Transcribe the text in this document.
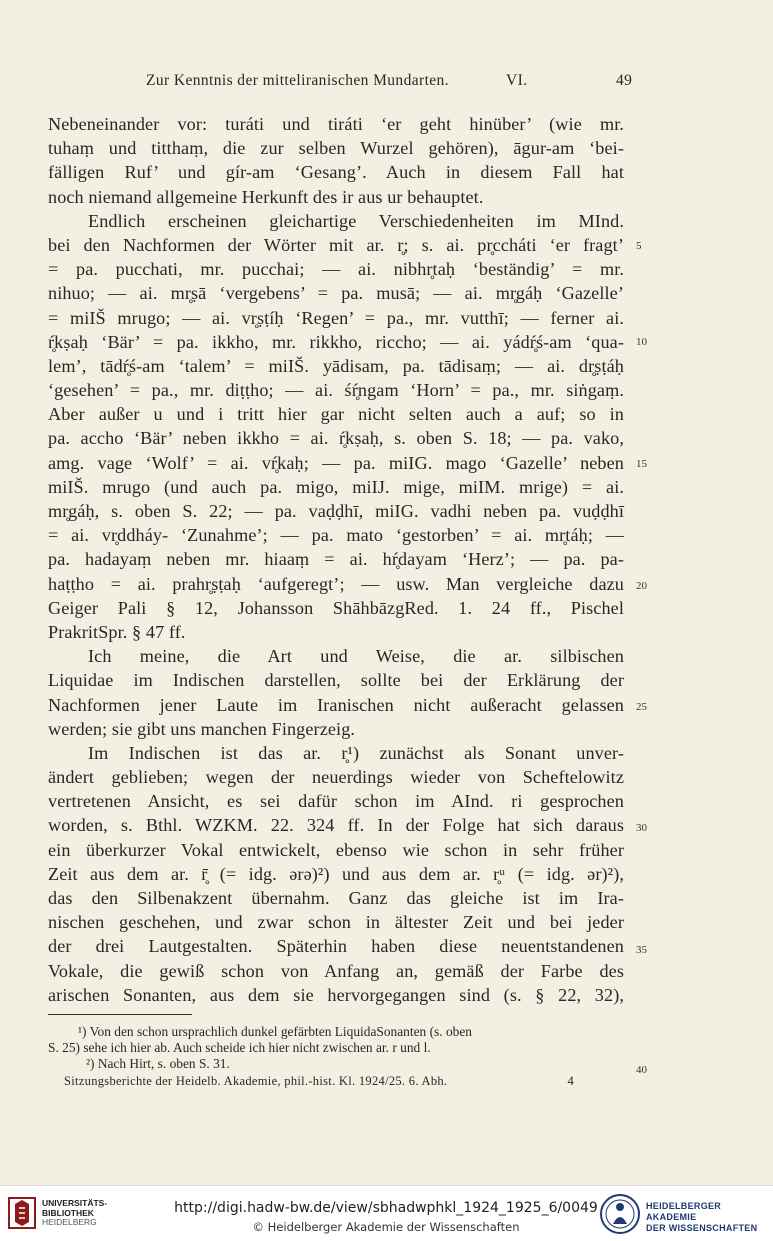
Zur Kenntnis der mitteliranischen Mundarten.	VI.	49
Nebeneinander vor: turáti und tiráti ‘er geht hinüber’ (wie mr.
tuhaṃ und titthaṃ, die zur selben Wurzel gehören), āgur-am ‘bei-
fälligen Ruf’ und gír-am ‘Gesang’. Auch in diesem Fall hat
noch niemand allgemeine Herkunft des ir aus ur behauptet.
Endlich erscheinen gleichartige Verschiedenheiten im MInd.
bei den Nachformen der Wörter mit ar. r̥; s. ai. pr̥ccháti ‘er fragt’
= pa. pucchati, mr. pucchai; — ai. nibhr̥taḥ ‘beständig’ = mr.
nihuo; — ai. mr̥ṣā ‘vergebens’ = pa. musā; — ai. mr̥gáḥ ‘Gazelle’
= miIŠ mrugo; — ai. vr̥ṣṭíḥ ‘Regen’ = pa., mr. vutthī; — ferner ai.
ŕ̥kṣaḥ ‘Bär’ = pa. ikkho, mr. rikkho, riccho; — ai. yádŕ̥ś-am ‘qua-
lem’, tādŕ̥ś-am ‘talem’ = miIŠ. yādisam, pa. tādisaṃ; — ai. dr̥ṣṭáḥ
‘gesehen’ = pa., mr. diṭṭho; — ai. śŕ̥ngam ‘Horn’ = pa., mr. siṅgaṃ.
Aber außer u und i tritt hier gar nicht selten auch a auf; so in
pa. accho ‘Bär’ neben ikkho = ai. ŕ̥kṣaḥ, s. oben S. 18; — pa. vako,
amg. vage ‘Wolf’ = ai. vŕ̥kaḥ; — pa. miIG. mago ‘Gazelle’ neben
miIŠ. mrugo (und auch pa. migo, miIJ. mige, miIM. mrige) = ai.
mr̥gáḥ, s. oben S. 22; — pa. vaḍḍhī, miIG. vadhi neben pa. vuḍḍhī
= ai. vr̥ddháy- ‘Zunahme’; — pa. mato ‘gestorben’ = ai. mr̥táḥ; —
pa. hadayaṃ neben mr. hiaaṃ = ai. hŕ̥dayam ‘Herz’; — pa. pa-
haṭṭho = ai. prahr̥ṣṭaḥ ‘aufgeregt’; — usw. Man vergleiche dazu
Geiger Pali § 12, Johansson ShāhbāzgRed. 1. 24 ff., Pischel
PrakritSpr. § 47 ff.
Ich meine, die Art und Weise, die ar. silbischen
Liquidae im Indischen darstellen, sollte bei der Erklärung der
Nachformen jener Laute im Iranischen nicht außeracht gelassen
werden; sie gibt uns manchen Fingerzeig.
Im Indischen ist das ar. r̥¹) zunächst als Sonant unver-
ändert geblieben; wegen der neuerdings wieder von Scheftelowitz
vertretenen Ansicht, es sei dafür schon im AInd. ri gesprochen
worden, s. Bthl. WZKM. 22. 324 ff. In der Folge hat sich daraus
ein überkurzer Vokal entwickelt, ebenso wie schon in sehr früher
Zeit aus dem ar. r̥̄ (= idg. ərə)²) und aus dem ar. r̥ᵘ (= idg. ər)²),
das den Silbenakzent übernahm. Ganz das gleiche ist im Ira-
nischen geschehen, und zwar schon in ältester Zeit und bei jeder
der drei Lautgestalten. Späterhin haben diese neuentstandenen
Vokale, die gewiß schon von Anfang an, gemäß der Farbe des
arischen Sonanten, aus dem sie hervorgegangen sind (s. § 22, 32),
5
10
15
20
25
30
35
40
¹) Von den schon ursprachlich dunkel gefärbten LiquidaSonanten (s. oben
S. 25) sehe ich hier ab. Auch scheide ich hier nicht zwischen ar. r und l.
²) Nach Hirt, s. oben S. 31.
Sitzungsberichte der Heidelb. Akademie, phil.-hist. Kl. 1924/25. 6. Abh.	4
UNIVERSITÄTS-
BIBLIOTHEK
HEIDELBERG
http://digi.hadw-bw.de/view/sbhadwphkl_1924_1925_6/0049
© Heidelberger Akademie der Wissenschaften
HEIDELBERGER AKADEMIE
DER WISSENSCHAFTEN
